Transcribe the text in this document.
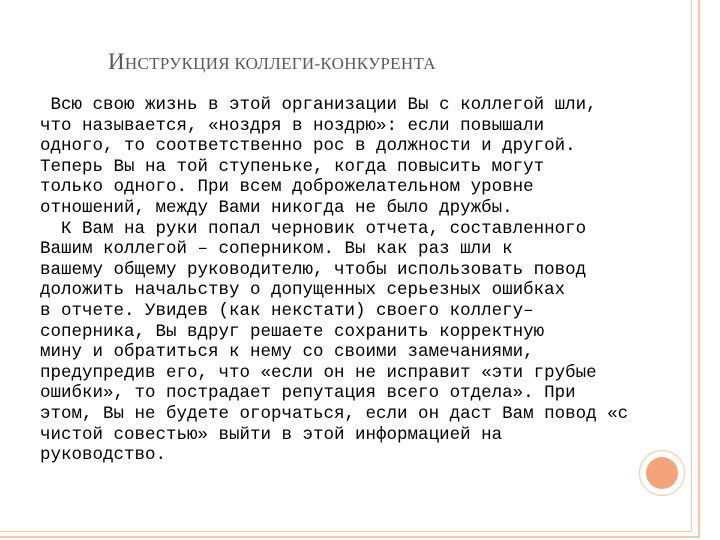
ИНСТРУКЦИЯ КОЛЛЕГИ-КОНКУРЕНТА

Всю свою жизнь в этой организации Вы с коллегой шли,

что называется, «ноздря в ноздрю»: если повышали

одного, то соответственно рос в должности и другой.

Теперь Вы на той ступеньке, когда повысить могут

только одного. При всем доброжелательном уровне

отношений, между Вами никогда не было дружбы.

К Вам на руки попал черновик отчета, составленного

Вашим коллегой – соперником. Вы как раз шли к

вашему общему руководителю, чтобы использовать повод

доложить начальству о допущенных серьезных ошибках

в отчете. Увидев (как некстати) своего коллегу–

соперника, Вы вдруг решаете сохранить корректную

мину и обратиться к нему со своими замечаниями,

предупредив его, что «если он не исправит «эти грубые

ошибки», то пострадает репутация всего отдела». При

этом, Вы не будете огорчаться, если он даст Вам повод «с

чистой совестью» выйти в этой информацией на

руководство.
